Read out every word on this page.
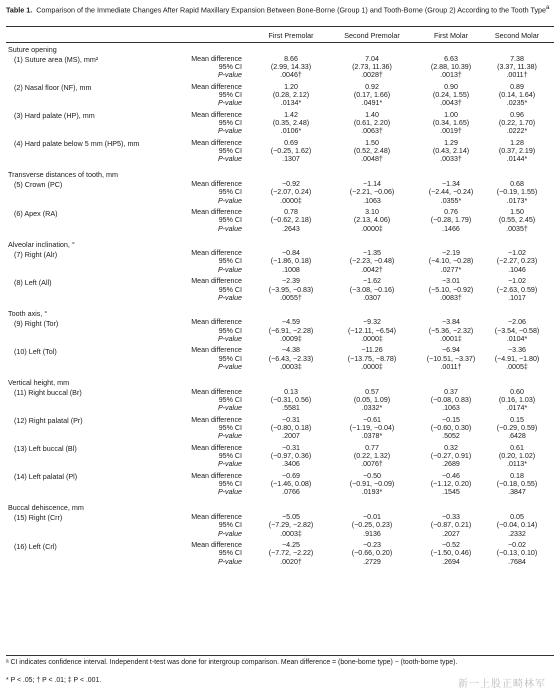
Table 1. Comparison of the Immediate Changes After Rapid Maxillary Expansion Between Bone-Borne (Group 1) and Tooth-Borne (Group 2) According to the Tooth Type$^a$
First Premolar	Second Premolar	First Molar	Second Molar
Suture opening
(1) Suture area (MS), mm²	Mean difference	8.66	7.04	6.63	7.38
95% CI	(2.99, 14.33)	(2.73, 11.36)	(2.88, 10.39)	(3.37, 11.38)
P-value	.0046†	.0028†	.0013†	.0011†
(2) Nasal floor (NF), mm	Mean difference	1.20	0.92	0.90	0.89
95% CI	(0.28, 2.12)	(0.17, 1.66)	(0.24, 1.55)	(0.14, 1.64)
P-value	.0134*	.0491*	.0043†	.0235*
(3) Hard palate (HP), mm	Mean difference	1.42	1.40	1.00	0.96
95% CI	(0.35, 2.48)	(0.61, 2.20)	(0.34, 1.65)	(0.22, 1.70)
P-value	.0106*	.0063†	.0019†	.0222*
(4) Hard palate below 5 mm (HP5), mm	Mean difference	0.69	1.50	1.29	1.28
95% CI	(−0.25, 1.62)	(0.52, 2.48)	(0.43, 2.14)	(0.37, 2.19)
P-value	.1307	.0048†	.0033†	.0144*
Transverse distances of tooth, mm
(5) Crown (PC)	Mean difference	−0.92	−1.14	−1.34	0.68
95% CI	(−2.07, 0.24)	(−2.21, −0.06)	(−2.44, −0.24)	(−0.19, 1.55)
P-value	.0000‡	.1063	.0355*	.0173*
(6) Apex (RA)	Mean difference	0.78	3.10	0.76	1.50
95% CI	(−0.62, 2.18)	(2.13, 4.06)	(−0.28, 1.79)	(0.55, 2.45)
P-value	.2643	.0000‡	.1466	.0035†
Alveolar inclination, °
(7) Right (Alr)	Mean difference	−0.84	−1.35	−2.19	−1.02
95% CI	(−1.86, 0.18)	(−2.23, −0.48)	(−4.10, −0.28)	(−2.27, 0.23)
P-value	.1008	.0042†	.0277*	.1046
(8) Left (All)	Mean difference	−2.39	−1.62	−3.01	−1.02
95% CI	(−3.95, −0.83)	(−3.08, −0.16)	(−5.10, −0.92)	(−2.63, 0.59)
P-value	.0055†	.0307	.0083†	.1017
Tooth axis, °
(9) Right (Tor)	Mean difference	−4.59	−9.32	−3.84	−2.06
95% CI	(−6.91, −2.28)	(−12.11, −6.54)	(−5.36, −2.32)	(−3.54, −0.58)
P-value	.0009‡	.0000‡	.0001‡	.0104*
(10) Left (Tol)	Mean difference	−4.38	−11.26	−6.94	−3.36
95% CI	(−6.43, −2.33)	(−13.75, −8.78)	(−10.51, −3.37)	(−4.91, −1.80)
P-value	.0003‡	.0000‡	.0011†	.0005‡
Vertical height, mm
(11) Right buccal (Br)	Mean difference	0.13	0.57	0.37	0.60
95% CI	(−0.31, 0.56)	(0.05, 1.09)	(−0.08, 0.83)	(0.16, 1.03)
P-value	.5581	.0332*	.1063	.0174*
(12) Right palatal (Pr)	Mean difference	−0.31	−0.61	−0.15	0.15
95% CI	(−0.80, 0.18)	(−1.19, −0.04)	(−0.60, 0.30)	(−0.29, 0.59)
P-value	.2007	.0378*	.5052	.6428
(13) Left buccal (Bl)	Mean difference	−0.31	0.77	0.32	0.61
95% CI	(−0.97, 0.36)	(0.22, 1.32)	(−0.27, 0.91)	(0.20, 1.02)
P-value	.3406	.0076†	.2689	.0113*
(14) Left palatal (Pl)	Mean difference	−0.69	−0.50	−0.46	0.18
95% CI	(−1.46, 0.08)	(−0.91, −0.09)	(−1.12, 0.20)	(−0.18, 0.55)
P-value	.0766	.0193*	.1545	.3847
Buccal dehiscence, mm
(15) Right (Crr)	Mean difference	−5.05	−0.01	−0.33	0.05
95% CI	(−7.29, −2.82)	(−0.25, 0.23)	(−0.87, 0.21)	(−0.04, 0.14)
P-value	.0003‡	.9136	.2027	.2332
(16) Left (Crl)	Mean difference	−4.25	−0.23	−0.52	−0.02
95% CI	(−7.72, −2.22)	(−0.66, 0.20)	(−1.50, 0.46)	(−0.13, 0.10)
P-value	.0020†	.2729	.2694	.7684
ᵃ CI indicates confidence interval. Independent t-test was done for intergroup comparison. Mean difference = (bone-borne type) − (tooth-borne type).
* P < .05; † P < .01; ‡ P < .001.	新一上股正畸林军
